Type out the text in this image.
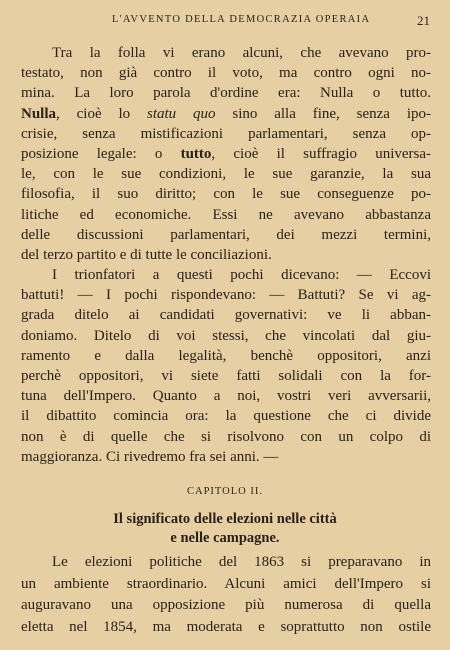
L'AVVENTO DELLA DEMOCRAZIA OPERAIA	21
Tra la folla vi erano alcuni, che avevano pro-
testato, non già contro il voto, ma contro ogni no-
mina. La loro parola d'ordine era: Nulla o tutto.
Nulla, cioè lo statu quo sino alla fine, senza ipo-
crisie, senza mistificazioni parlamentari, senza op-
posizione legale: o tutto, cioè il suffragio universa-
le, con le sue condizioni, le sue garanzie, la sua
filosofia, il suo diritto; con le sue conseguenze po-
litiche ed economiche. Essi ne avevano abbastanza
delle discussioni parlamentari, dei mezzi termini,
del terzo partito e di tutte le conciliazioni.
I trionfatori a questi pochi dicevano: — Eccovi
battuti! — I pochi rispondevano: — Battuti? Se vi ag-
grada ditelo ai candidati governativi: ve li abban-
doniamo. Ditelo di voi stessi, che vincolati dal giu-
ramento e dalla legalità, benchè oppositori, anzi
perchè oppositori, vi siete fatti solidali con la for-
tuna dell'Impero. Quanto a noi, vostri veri avversarii,
il dibattito comincia ora: la questione che ci divide
non è di quelle che si risolvono con un colpo di
maggioranza. Ci rivedremo fra sei anni. —
CAPITOLO II.
Il significato delle elezioni nelle città
e nelle campagne.
Le elezioni politiche del 1863 si preparavano in
un ambiente straordinario. Alcuni amici dell'Impero si
auguravano una opposizione più numerosa di quella
eletta nel 1854, ma moderata e soprattutto non ostile
